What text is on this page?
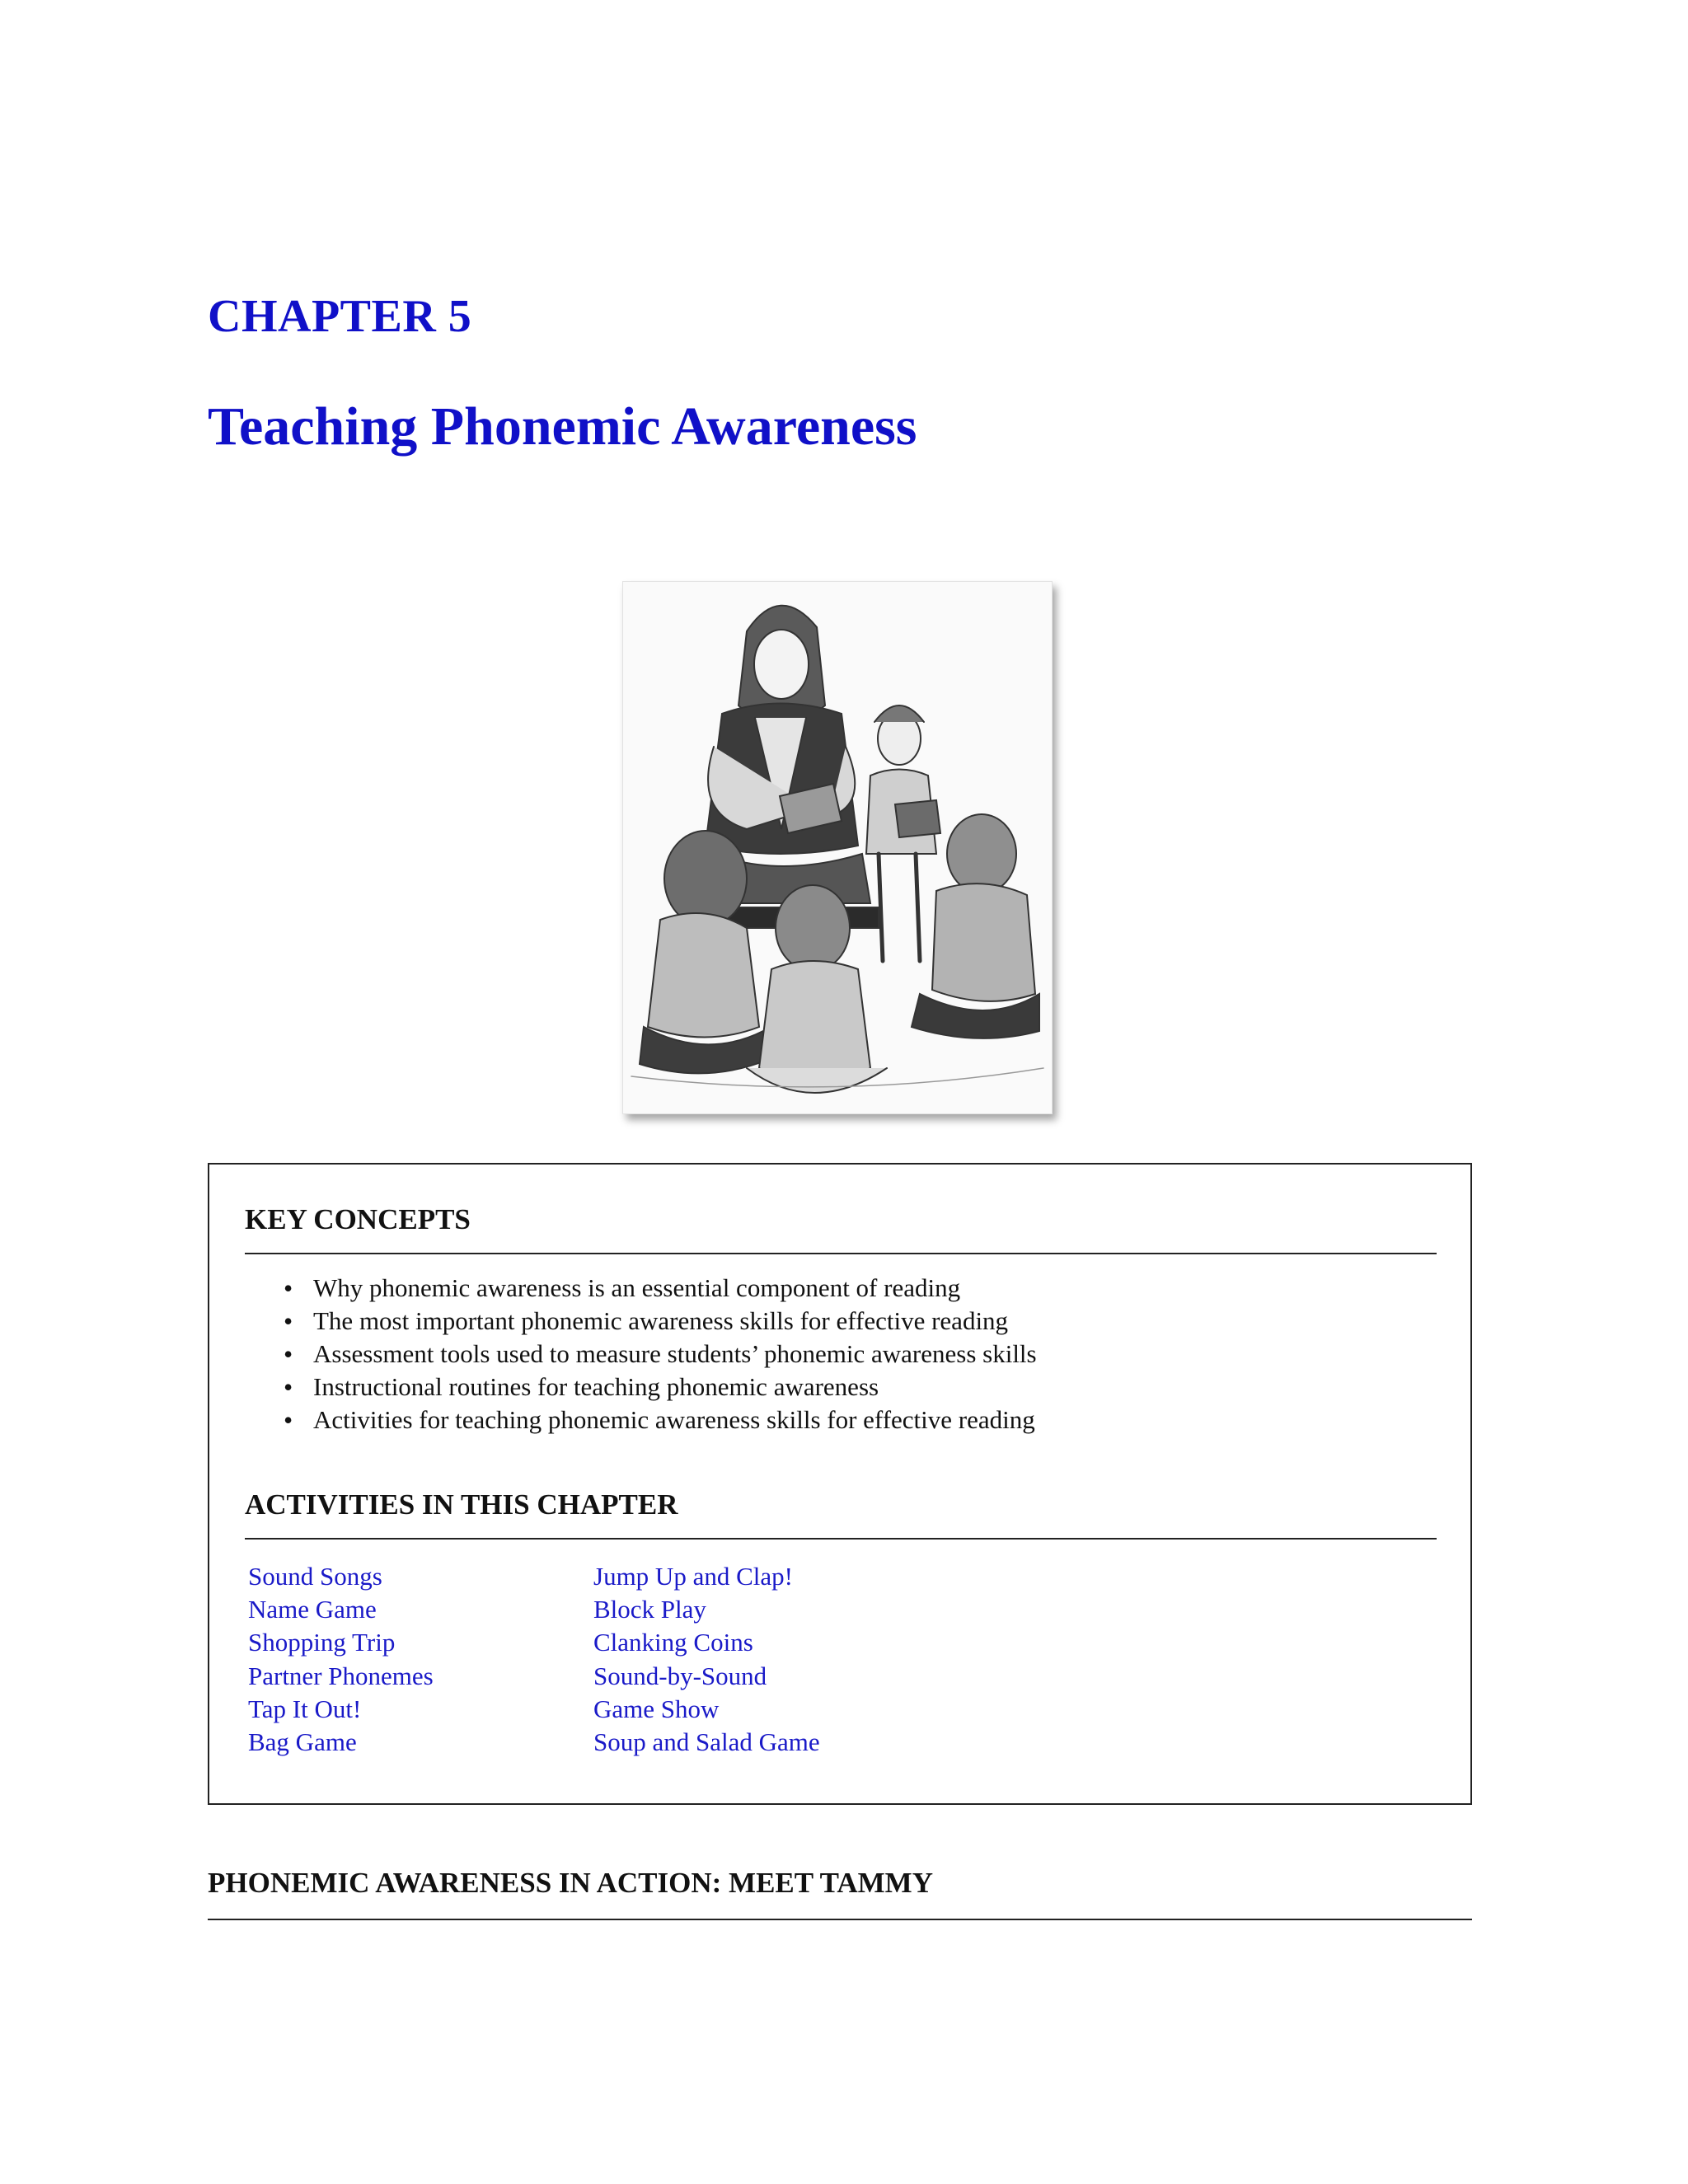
CHAPTER 5
Teaching Phonemic Awareness
KEY CONCEPTS
• Why phonemic awareness is an essential component of reading
• The most important phonemic awareness skills for effective reading
• Assessment tools used to measure students’ phonemic awareness skills
• Instructional routines for teaching phonemic awareness
• Activities for teaching phonemic awareness skills for effective reading
ACTIVITIES IN THIS CHAPTER
Sound Songs
Name Game
Shopping Trip
Partner Phonemes
Tap It Out!
Bag Game
Jump Up and Clap!
Block Play
Clanking Coins
Sound-by-Sound
Game Show
Soup and Salad Game
PHONEMIC AWARENESS IN ACTION: MEET TAMMY
